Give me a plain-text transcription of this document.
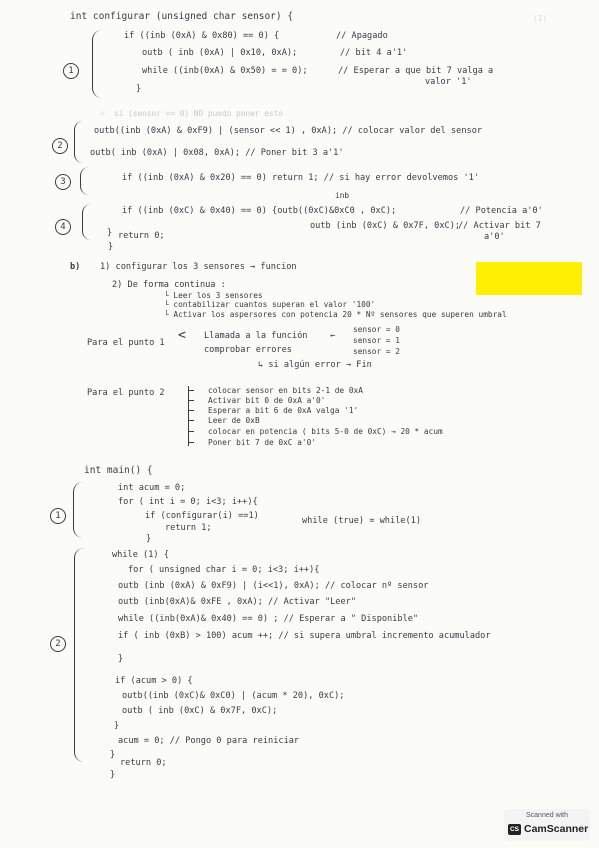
(1)
int configurar (unsigned char sensor) {
1
if ((inb (0xA) & 0x80) == 0) {	// Apagado
outb ( inb (0xA) | 0x10, 0xA);	// bit 4 a'1'
while ((inb(0xA) & 0x50) = = 0);	// Esperar a que bit 7 valga a
valor '1'
}
⚠ si (sensor == 0) NO puedo poner esto
2
outb((inb (0xA) & 0xF9) | (sensor << 1) , 0xA); // colocar valor del sensor
outb( inb (0xA) | 0x08, 0xA); // Poner bit 3 a'1'
3	if ((inb (0xA) & 0x20) == 0) return 1; // si hay error devolvemos '1'
inb
4
if ((inb (0xC) & 0x40) == 0) {outb((0xC)&0xC0 , 0xC);	// Potencia a'0'
outb (inb (0xC) & 0x7F, 0xC);
// Activar bit 7
a'0'
} return 0;
}
b) 1) configurar los 3 sensores → funcion
2) De forma continua :
└ Leer los 3 sensores
└ contabilizar cuantos superan el valor '100'
└ Activar los aspersores con potencia 20 * Nº sensores que superen umbral
Para el punto 1 < Llamada a la función	←
comprobar errores
sensor = 0
sensor = 1
sensor = 2
↳ si algún error → Fin
Para el punto 2	colocar sensor en bits 2-1 de 0xA
Activar bit 0 de 0xA a'0'
Esperar a bit 6 de 0xA valga '1'
Leer de 0xB
colocar en potencia ( bits 5-0 de 0xC) → 20 * acum
Poner bit 7 de 0xC a'0'
int main() {
1
int acum = 0;
for ( int i = 0; i<3; i++){
if (configurar(i) ==1)
return 1;
}
while (true) = while(1)
2
while (1) {
for ( unsigned char i = 0; i<3; i++){
outb (inb (0xA) & 0xF9) | (i<<1), 0xA); // colocar nº sensor
outb (inb(0xA)& 0xFE , 0xA); // Activar "Leer"
while ((inb(0xA)& 0x40) == 0) ; // Esperar a " Disponible"
if ( inb (0xB) > 100) acum ++; // si supera umbral incremento acumulador
}
if (acum > 0) {
outb((inb (0xC)& 0xC0) | (acum * 20), 0xC);
outb ( inb (0xC) & 0x7F, 0xC);
}
acum = 0; // Pongo 0 para reiniciar
}
return 0;
}
Scanned with
CS CamScanner
